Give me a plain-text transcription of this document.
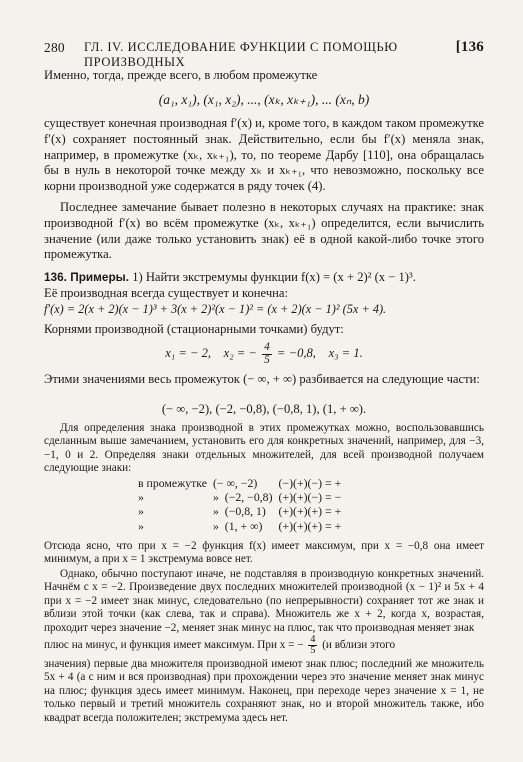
280 ГЛ. IV. ИССЛЕДОВАНИЕ ФУНКЦИИ С ПОМОЩЬЮ ПРОИЗВОДНЫХ
[136
Именно, тогда, прежде всего, в любом промежутке
(a₁, x₁), (x₁, x₂), ..., (xₖ, xₖ₊₁), ... (xₙ, b)
существует конечная производная f′(x) и, кроме того, в каждом таком промежутке f′(x) сохраняет постоянный знак. Действительно, если бы f′(x) меняла знак, например, в промежутке (xₖ, xₖ₊₁), то, по теореме Дарбу [110], она обращалась бы в нуль в некоторой точке между xₖ и xₖ₊₁, что невозможно, поскольку все корни производной уже содержатся в ряду точек (4).
Последнее замечание бывает полезно в некоторых случаях на практике: знак производной f′(x) во всём промежутке (xₖ, xₖ₊₁) определится, если вычислить значение (или даже только установить знак) её в одной какой-либо точке этого промежутка.
136. Примеры. 1) Найти экстремумы функции f(x) = (x + 2)² (x − 1)³.
Её производная всегда существует и конечна:
f′(x) = 2(x + 2)(x − 1)³ + 3(x + 2)²(x − 1)² = (x + 2)(x − 1)² (5x + 4).
Корнями производной (стационарными точками) будут:
x₁ = − 2, x₂ = − $\frac{4}{5} = -0,8$, x₃ = 1.
Этими значениями весь промежуток (− ∞, + ∞) разбивается на следующие части:
(− ∞, −2), (−2, −0,8), (−0,8, 1), (1, + ∞).
Для определения знака производной в этих промежутках можно, воспользовавшись сделанным выше замечанием, установить его для конкретных значений, например, для −3, −1, 0 и 2. Определяя знаки отдельных множителей, для всей производной получаем следующие знаки:
в промежутке	(− ∞, −2)	(−)(+)(−) = +
»	» (−2, −0,8)	(+)(+)(−) = −
»	» (−0,8, 1)	(+)(+)(+) = +
»	» (1, + ∞)	(+)(+)(+) = +
Отсюда ясно, что при x = −2 функция f(x) имеет максимум, при x = −0,8 она имеет минимум, а при x = 1 экстремума вовсе нет.
Однако, обычно поступают иначе, не подставляя в производную конкретных значений. Начнём с x = −2. Произведение двух последних множителей производной (x − 1)² и 5x + 4 при x = −2 имеет знак минус, следовательно (по непрерывности) сохраняет тот же знак и вблизи этой точки (как слева, так и справа). Множитель же x + 2, когда x, возрастая, проходит через значение −2, меняет знак минус на плюс, так что производная меняет знак
плюс на минус, и функция имеет максимум. При x = − $\frac{4}{5} (и$ вблизи этого
значения) первые два множителя производной имеют знак плюс; последний же множитель 5x + 4 (а с ним и вся производная) при прохождении через это значение меняет знак минус на плюс; функция здесь имеет минимум. Наконец, при переходе через значение x = 1, не только первый и третий множитель сохраняют знак, но и второй множитель также, ибо квадрат всегда положителен; экстремума здесь нет.
